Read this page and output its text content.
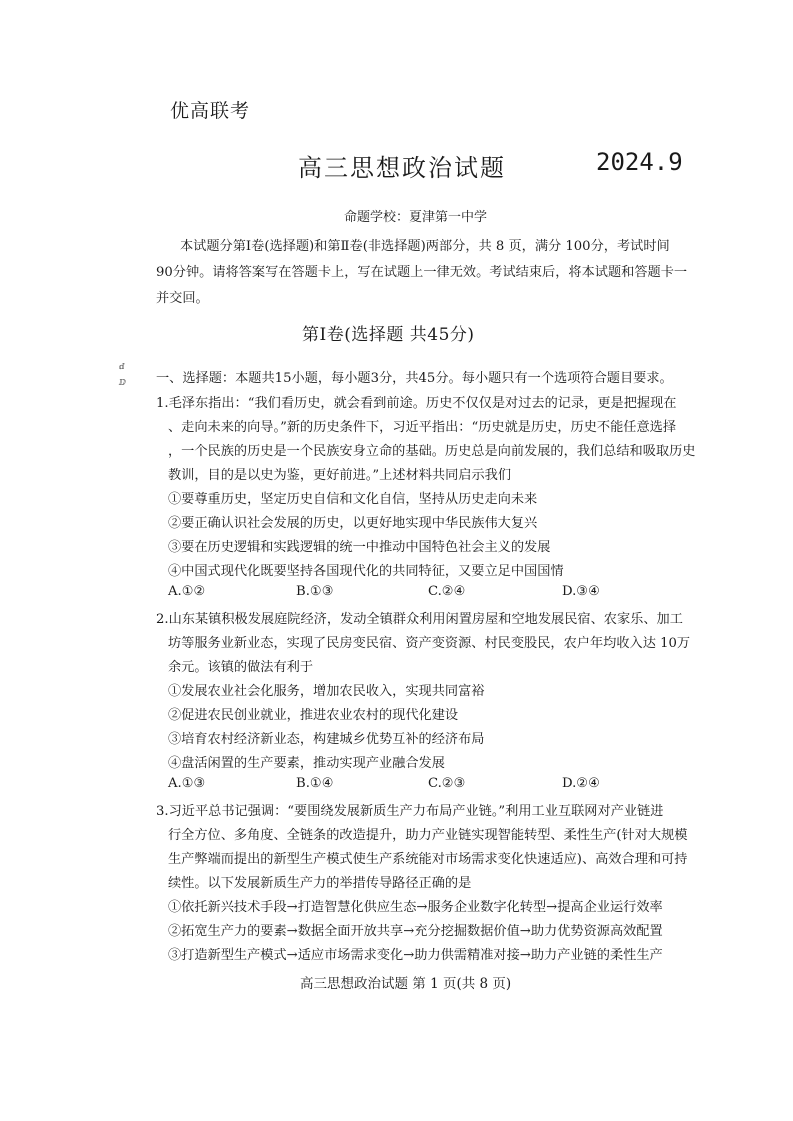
优高联考
高三思想政治试题	2024.9
命题学校：夏津第一中学
本试题分第Ⅰ卷(选择题)和第Ⅱ卷(非选择题)两部分，共 8 页，满分 100分，考试时间
90分钟。请将答案写在答题卡上，写在试题上一律无效。考试结束后，将本试题和答题卡一
并交回。
第Ⅰ卷(选择题 共45分)
ⅆ
ⅅ 一、选择题：本题共15小题，每小题3分，共45分。每小题只有一个选项符合题目要求。
1.毛泽东指出：“我们看历史，就会看到前途。历史不仅仅是对过去的记录，更是把握现在
、走向未来的向导。”新的历史条件下，习近平指出：“历史就是历史，历史不能任意选择
，一个民族的历史是一个民族安身立命的基础。历史总是向前发展的，我们总结和吸取历史
教训，目的是以史为鉴，更好前进。”上述材料共同启示我们
①要尊重历史，坚定历史自信和文化自信，坚持从历史走向未来
②要正确认识社会发展的历史，以更好地实现中华民族伟大复兴
③要在历史逻辑和实践逻辑的统一中推动中国特色社会主义的发展
④中国式现代化既要坚持各国现代化的共同特征，又要立足中国国情
A.①②	B.①③	C.②④	D.③④
2.山东某镇积极发展庭院经济，发动全镇群众利用闲置房屋和空地发展民宿、农家乐、加工
坊等服务业新业态，实现了民房变民宿、资产变资源、村民变股民，农户年均收入达 10万
余元。该镇的做法有利于
①发展农业社会化服务，增加农民收入，实现共同富裕
②促进农民创业就业，推进农业农村的现代化建设
③培育农村经济新业态，构建城乡优势互补的经济布局
④盘活闲置的生产要素，推动实现产业融合发展
A.①③	B.①④	C.②③	D.②④
3.习近平总书记强调：“要围绕发展新质生产力布局产业链。”利用工业互联网对产业链进
行全方位、多角度、全链条的改造提升，助力产业链实现智能转型、柔性生产(针对大规模
生产弊端而提出的新型生产模式使生产系统能对市场需求变化快速适应)、高效合理和可持
续性。以下发展新质生产力的举措传导路径正确的是
①依托新兴技术手段→打造智慧化供应生态→服务企业数字化转型→提高企业运行效率
②拓宽生产力的要素→数据全面开放共享→充分挖掘数据价值→助力优势资源高效配置
③打造新型生产模式→适应市场需求变化→助力供需精准对接→助力产业链的柔性生产
高三思想政治试题 第 1 页(共 8 页)
